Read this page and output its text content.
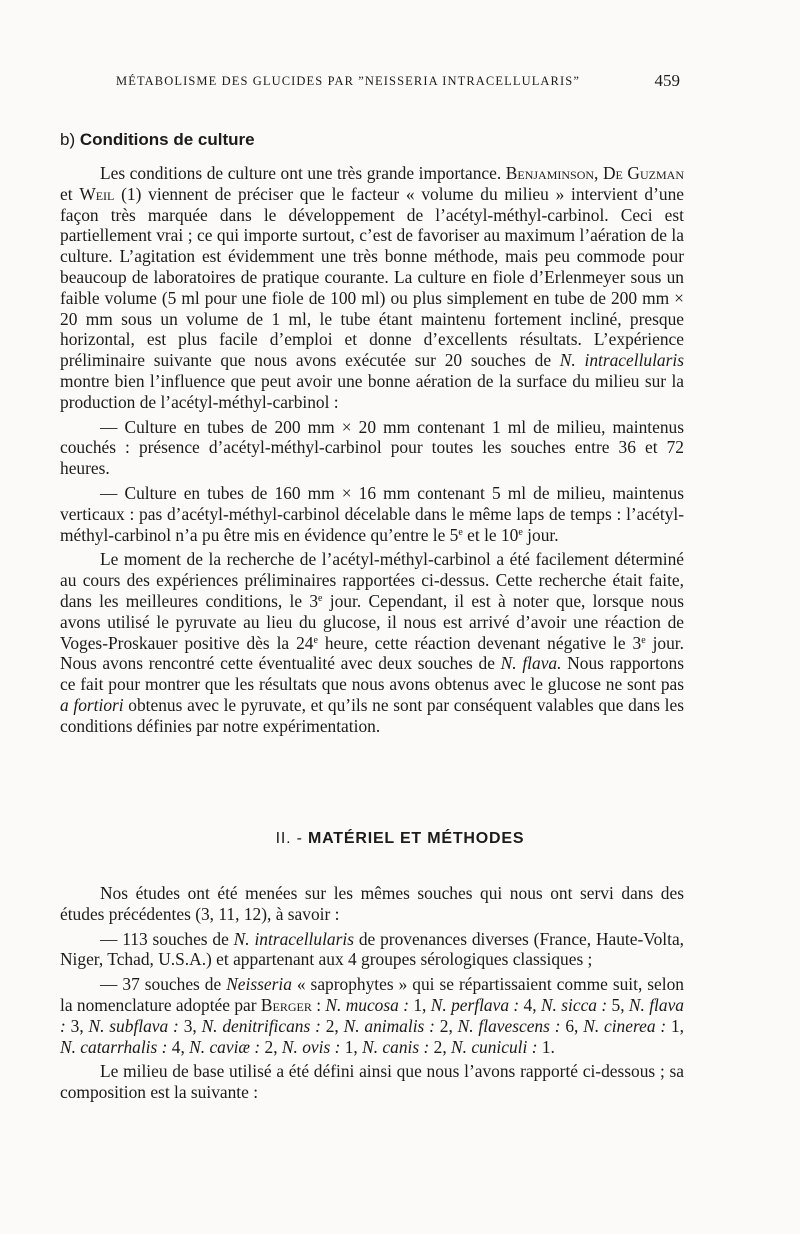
MÉTABOLISME DES GLUCIDES PAR ”NEISSERIA INTRACELLULARIS”	459
b) Conditions de culture

Les conditions de culture ont une très grande importance. Benjaminson, De Guzman et Weil (1) viennent de préciser que le facteur « volume du milieu » intervient d’une façon très marquée dans le développement de l’acétyl-méthyl-carbinol. Ceci est partiellement vrai ; ce qui importe surtout, c’est de favoriser au maximum l’aération de la culture. L’agitation est évidemment une très bonne méthode, mais peu commode pour beaucoup de laboratoires de pratique courante. La culture en fiole d’Erlenmeyer sous un faible volume (5 ml pour une fiole de 100 ml) ou plus simplement en tube de 200 mm × 20 mm sous un volume de 1 ml, le tube étant maintenu fortement incliné, presque horizontal, est plus facile d’emploi et donne d’excellents résultats. L’expérience préliminaire suivante que nous avons exécutée sur 20 souches de N. intracellularis montre bien l’influence que peut avoir une bonne aération de la surface du milieu sur la production de l’acétyl-méthyl-carbinol :

— Culture en tubes de 200 mm × 20 mm contenant 1 ml de milieu, maintenus couchés : présence d’acétyl-méthyl-carbinol pour toutes les souches entre 36 et 72 heures.

— Culture en tubes de 160 mm × 16 mm contenant 5 ml de milieu, maintenus verticaux : pas d’acétyl-méthyl-carbinol décelable dans le même laps de temps : l’acétyl-méthyl-carbinol n’a pu être mis en évidence qu’entre le 5e et le 10e jour.

Le moment de la recherche de l’acétyl-méthyl-carbinol a été facilement déterminé au cours des expériences préliminaires rapportées ci-dessus. Cette recherche était faite, dans les meilleures conditions, le 3e jour. Cependant, il est à noter que, lorsque nous avons utilisé le pyruvate au lieu du glucose, il nous est arrivé d’avoir une réaction de Voges-Proskauer positive dès la 24e heure, cette réaction devenant négative le 3e jour. Nous avons rencontré cette éventualité avec deux souches de N. flava. Nous rapportons ce fait pour montrer que les résultats que nous avons obtenus avec le glucose ne sont pas a fortiori obtenus avec le pyruvate, et qu’ils ne sont par conséquent valables que dans les conditions définies par notre expérimentation.

II. - MATÉRIEL ET MÉTHODES

Nos études ont été menées sur les mêmes souches qui nous ont servi dans des études précédentes (3, 11, 12), à savoir :

— 113 souches de N. intracellularis de provenances diverses (France, Haute-Volta, Niger, Tchad, U.S.A.) et appartenant aux 4 groupes sérologiques classiques ;

— 37 souches de Neisseria « saprophytes » qui se répartissaient comme suit, selon la nomenclature adoptée par Berger : N. mucosa : 1, N. perflava : 4, N. sicca : 5, N. flava : 3, N. subflava : 3, N. denitrificans : 2, N. animalis : 2, N. flavescens : 6, N. cinerea : 1, N. catarrhalis : 4, N. caviæ : 2, N. ovis : 1, N. canis : 2, N. cuniculi : 1.

Le milieu de base utilisé a été défini ainsi que nous l’avons rapporté ci-dessous ; sa composition est la suivante :
